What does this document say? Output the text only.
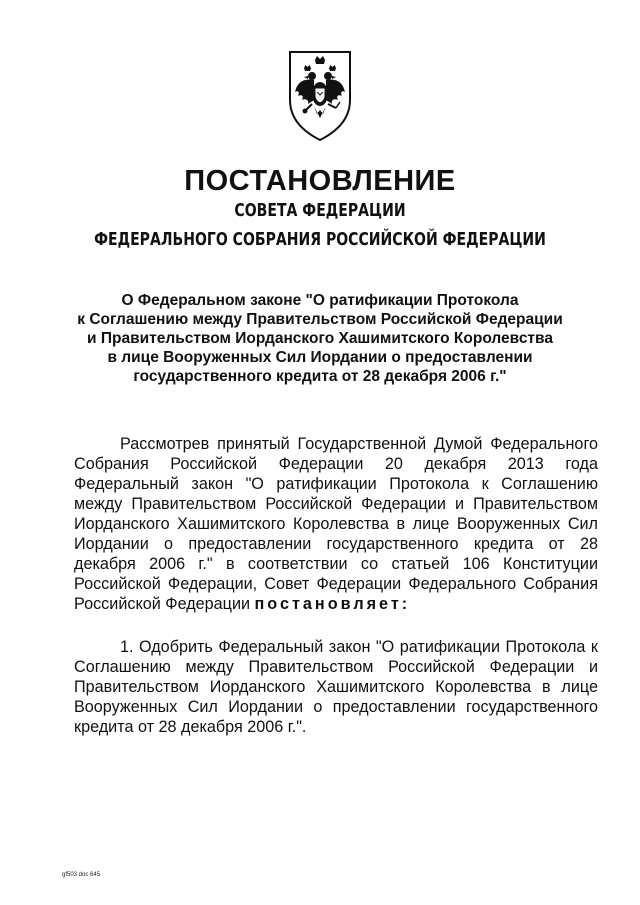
ПОСТАНОВЛЕНИЕ
СОВЕТА ФЕДЕРАЦИИ
ФЕДЕРАЛЬНОГО СОБРАНИЯ РОССИЙСКОЙ ФЕДЕРАЦИИ
О Федеральном законе "О ратификации Протокола
к Соглашению между Правительством Российской Федерации
и Правительством Иорданского Хашимитского Королевства
в лице Вооруженных Сил Иордании о предоставлении
государственного кредита от 28 декабря 2006 г."
Рассмотрев принятый Государственной Думой Федерального Собрания Российской Федерации 20 декабря 2013 года Федеральный закон "О ратификации Протокола к Соглашению между Правительством Российской Федерации и Правительством Иорданского Хашимитского Королевства в лице Вооруженных Сил Иордании о предоставлении государственного кредита от 28 декабря 2006 г." в соответствии со статьей 106 Конституции Российской Федерации, Совет Федерации Федерального Собрания Российской Федерации постановляет:
1. Одобрить Федеральный закон "О ратификации Протокола к Соглашению между Правительством Российской Федерации и Правительством Иорданского Хашимитского Королевства в лице Вооруженных Сил Иордании о предоставлении государственного кредита от 28 декабря 2006 г.".
gf503 doc 645
